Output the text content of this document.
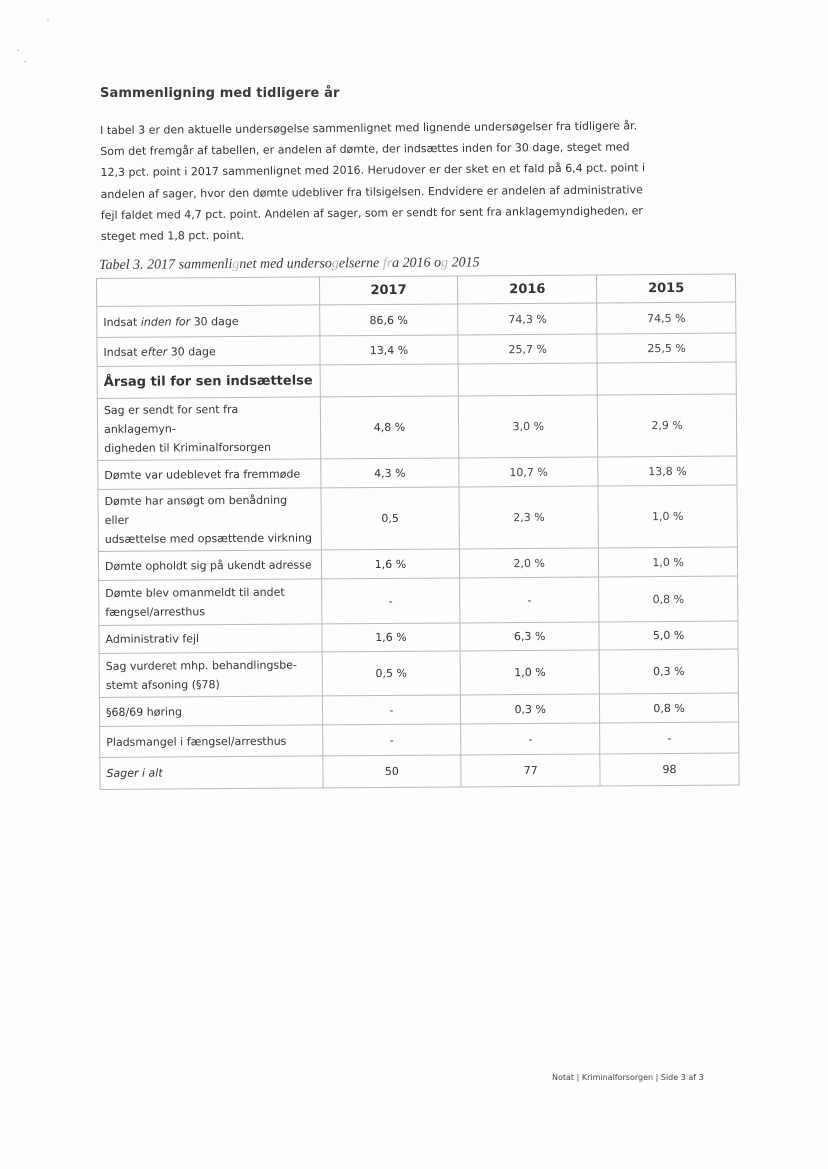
Sammenligning med tidligere år
I tabel 3 er den aktuelle undersøgelse sammenlignet med lignende undersøgelser fra tidligere år.
Som det fremgår af tabellen, er andelen af dømte, der indsættes inden for 30 dage, steget med
12,3 pct. point i 2017 sammenlignet med 2016. Herudover er der sket en et fald på 6,4 pct. point i
andelen af sager, hvor den dømte udebliver fra tilsigelsen. Endvidere er andelen af administrative
fejl faldet med 4,7 pct. point. Andelen af sager, som er sendt for sent fra anklagemyndigheden, er
steget med 1,8 pct. point.
Tabel 3. 2017 sammenlignet med undersogelserne fra 2016 og 2015
	2017	2016	2015
Indsat inden for 30 dage	86,6 %	74,3 %	74,5 %
Indsat efter 30 dage	13,4 %	25,7 %	25,5 %
Årsag til for sen indsættelse			

Sag er sendt for sent fra anklagemyn-
digheden til Kriminalforsorgen	4,8 %	3,0 %	2,9 %

Dømte var udeblevet fra fremmøde	4,3 %	10,7 %	13,8 %

Dømte har ansøgt om benådning eller
udsættelse med opsættende virkning	0,5	2,3 %	1,0 %

Dømte opholdt sig på ukendt adresse	1,6 %	2,0 %	1,0 %

Dømte blev omanmeldt til andet
fængsel/arresthus	-	-	0,8 %

Administrativ fejl	1,6 %	6,3 %	5,0 %

Sag vurderet mhp. behandlingsbe-
stemt afsoning (§78)	0,5 %	1,0 %	0,3 %

§68/69 høring	-	0,3 %	0,8 %

Pladsmangel i fængsel/arresthus	-	-	-

Sager i alt	50	77	98
Notat | Kriminalforsorgen | Side 3 af 3
